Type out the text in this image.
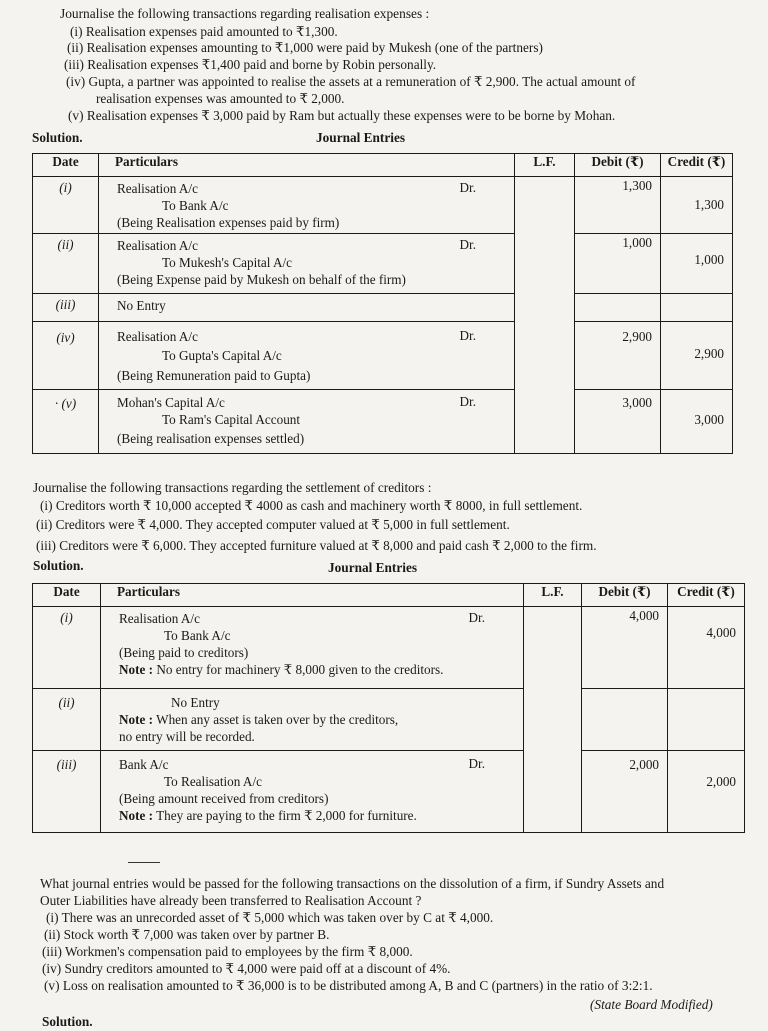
Journalise the following transactions regarding realisation expenses :
(i) Realisation expenses paid amounted to ₹1,300.
(ii) Realisation expenses amounting to ₹1,000 were paid by Mukesh (one of the partners)
(iii) Realisation expenses ₹1,400 paid and borne by Robin personally.
(iv) Gupta, a partner was appointed to realise the assets at a remuneration of ₹ 2,900. The actual amount of
realisation expenses was amounted to ₹ 2,000.
(v) Realisation expenses ₹ 3,000 paid by Ram but actually these expenses were to be borne by Mohan.
Solution.	Journal Entries
Date	Particulars	L.F.	Debit (₹)	Credit (₹)
(i)	Realisation A/c
To Bank A/c
(Being Realisation expenses paid by firm)
Dr.		1,300	1,300

(ii)	Realisation A/c
To Mukesh's Capital A/c
(Being Expense paid by Mukesh on behalf of the firm)
Dr.		1,000	1,000

(iii)	No Entry			

(iv)	Realisation A/c
To Gupta's Capital A/c
(Being Remuneration paid to Gupta)
Dr.		2,900	2,900

· (v)	Mohan's Capital A/c
To Ram's Capital Account
(Being realisation expenses settled)
Dr.		3,000	3,000
Journalise the following transactions regarding the settlement of creditors :
(i) Creditors worth ₹ 10,000 accepted ₹ 4000 as cash and machinery worth ₹ 8000, in full settlement.
(ii) Creditors were ₹ 4,000. They accepted computer valued at ₹ 5,000 in full settlement.
(iii) Creditors were ₹ 6,000. They accepted furniture valued at ₹ 8,000 and paid cash ₹ 2,000 to the firm.
Solution.	Journal Entries
Date	Particulars	L.F.	Debit (₹)	Credit (₹)
(i)	Realisation A/c
To Bank A/c
(Being paid to creditors)
Note : No entry for machinery ₹ 8,000 given to the creditors.
Dr.		4,000	4,000

(ii)	No Entry
Note : When any asset is taken over by the creditors,
no entry will be recorded.			

(iii)	Bank A/c
To Realisation A/c
(Being amount received from creditors)
Note : They are paying to the firm ₹ 2,000 for furniture.
Dr.		2,000	2,000
What journal entries would be passed for the following transactions on the dissolution of a firm, if Sundry Assets and
Outer Liabilities have already been transferred to Realisation Account ?
(i) There was an unrecorded asset of ₹ 5,000 which was taken over by C at ₹ 4,000.
(ii) Stock worth ₹ 7,000 was taken over by partner B.
(iii) Workmen's compensation paid to employees by the firm ₹ 8,000.
(iv) Sundry creditors amounted to ₹ 4,000 were paid off at a discount of 4%.
(v) Loss on realisation amounted to ₹ 36,000 is to be distributed among A, B and C (partners) in the ratio of 3:2:1.
(State Board Modified)
Solution.
